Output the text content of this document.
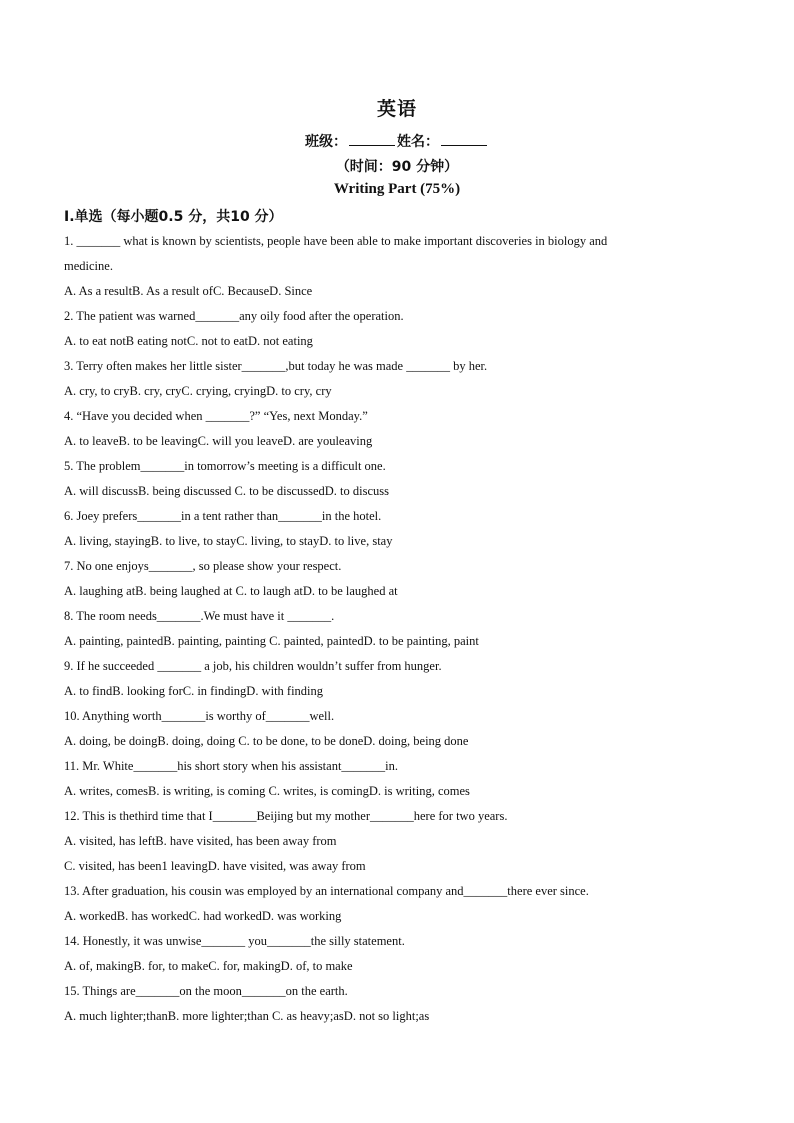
英语
班级：	姓名：
（时间：90 分钟）
Writing Part (75%)
Ⅰ.单选（每小题0.5 分，共10 分）
1. _______ what is known by scientists, people have been able to make important discoveries in biology and
medicine.
A. As a resultB. As a result ofC. BecauseD. Since
2. The patient was warned_______any oily food after the operation.
A. to eat notB eating notC. not to eatD. not eating
3. Terry often makes her little sister_______,but today he was made _______ by her.
A. cry, to cryB. cry, cryC. crying, cryingD. to cry, cry
4. “Have you decided when _______?” “Yes, next Monday.”
A. to leaveB. to be leavingC. will you leaveD. are youleaving
5. The problem_______in tomorrow’s meeting is a difficult one.
A. will discussB. being discussed C. to be discussedD. to discuss
6. Joey prefers_______in a tent rather than_______in the hotel.
A. living, stayingB. to live, to stayC. living, to stayD. to live, stay
7. No one enjoys_______, so please show your respect.
A. laughing atB. being laughed at C. to laugh atD. to be laughed at
8. The room needs_______.We must have it _______.
A. painting, paintedB. painting, painting C. painted, paintedD. to be painting, paint
9. If he succeeded _______ a job, his children wouldn’t suffer from hunger.
A. to findB. looking forC. in findingD. with finding
10. Anything worth_______is worthy of_______well.
A. doing, be doingB. doing, doing C. to be done, to be doneD. doing, being done
11. Mr. White_______his short story when his assistant_______in.
A. writes, comesB. is writing, is coming C. writes, is comingD. is writing, comes
12. This is thethird time that I_______Beijing but my mother_______here for two years.
A. visited, has leftB. have visited, has been away from
C. visited, has been1 leavingD. have visited, was away from
13. After graduation, his cousin was employed by an international company and_______there ever since.
A. workedB. has workedC. had workedD. was working
14. Honestly, it was unwise_______ you_______the silly statement.
A. of, makingB. for, to makeC. for, makingD. of, to make
15. Things are_______on the moon_______on the earth.
A. much lighter;thanB. more lighter;than C. as heavy;asD. not so light;as
